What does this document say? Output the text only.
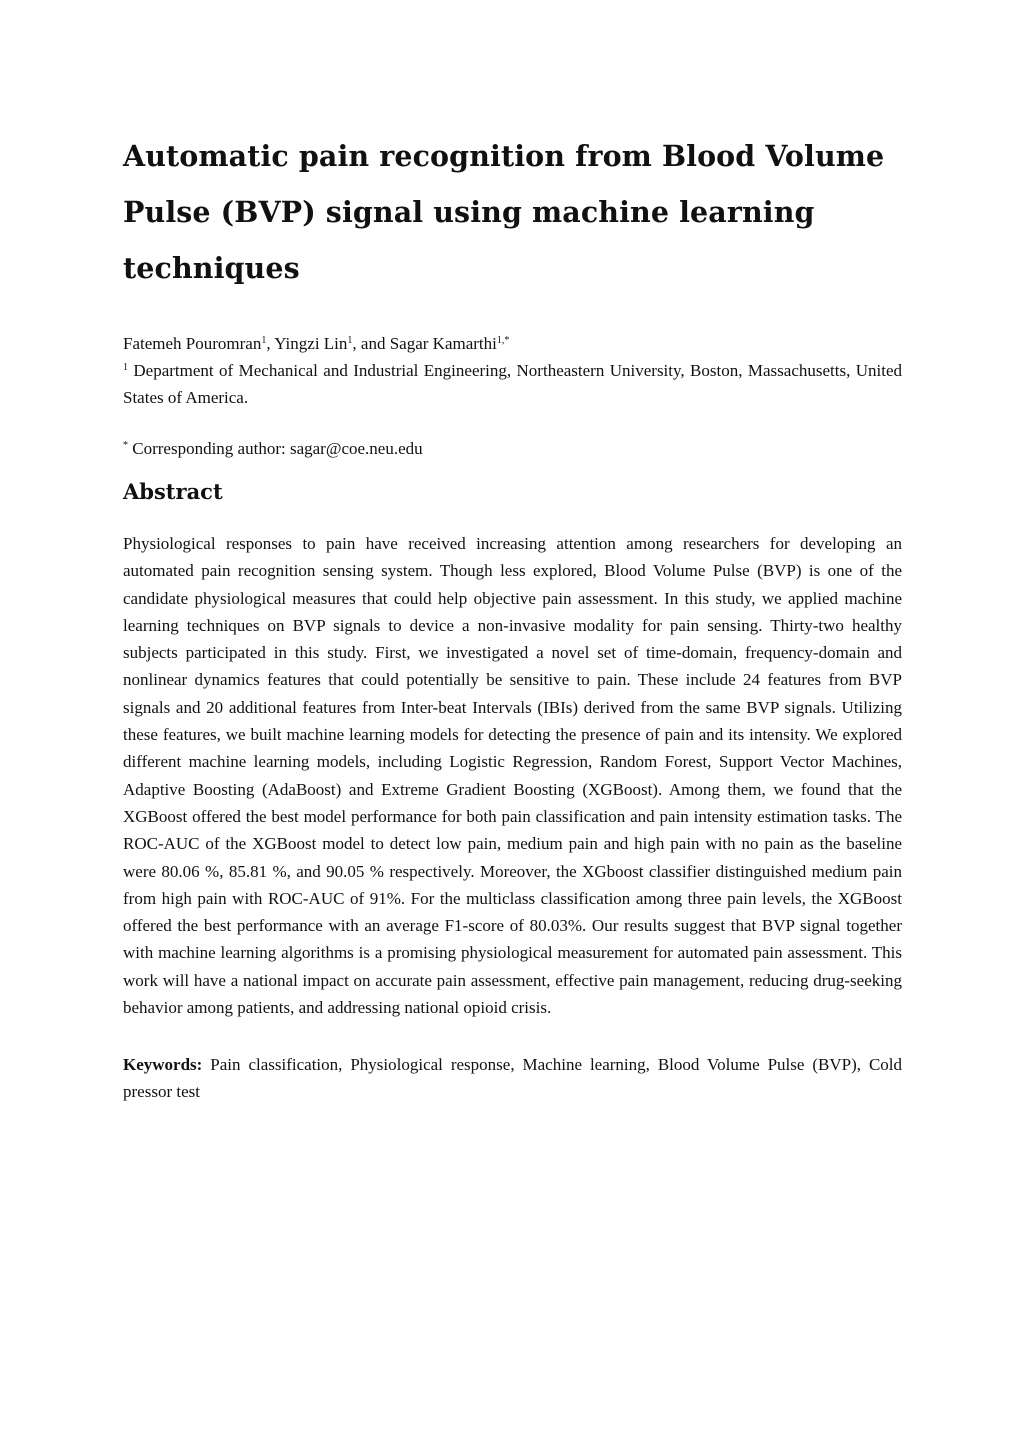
Automatic pain recognition from Blood Volume Pulse (BVP) signal using machine learning techniques
Fatemeh Pouromran$^1$, Yingzi Lin$^1$, and Sagar Kamarthi$^{1,*}$
$^1$ Department of Mechanical and Industrial Engineering, Northeastern University, Boston, Massachusetts, United States of America.
* Corresponding author: sagar@coe.neu.edu
Abstract

Physiological responses to pain have received increasing attention among researchers for developing an automated pain recognition sensing system. Though less explored, Blood Volume Pulse (BVP) is one of the candidate physiological measures that could help objective pain assessment. In this study, we applied machine learning techniques on BVP signals to device a non-invasive modality for pain sensing. Thirty-two healthy subjects participated in this study. First, we investigated a novel set of time-domain, frequency-domain and nonlinear dynamics features that could potentially be sensitive to pain. These include 24 features from BVP signals and 20 additional features from Inter-beat Intervals (IBIs) derived from the same BVP signals. Utilizing these features, we built machine learning models for detecting the presence of pain and its intensity. We explored different machine learning models, including Logistic Regression, Random Forest, Support Vector Machines, Adaptive Boosting (AdaBoost) and Extreme Gradient Boosting (XGBoost). Among them, we found that the XGBoost offered the best model performance for both pain classification and pain intensity estimation tasks. The ROC-AUC of the XGBoost model to detect low pain, medium pain and high pain with no pain as the baseline were 80.06 %, 85.81 %, and 90.05 % respectively. Moreover, the XGboost classifier distinguished medium pain from high pain with ROC-AUC of 91%. For the multiclass classification among three pain levels, the XGBoost offered the best performance with an average F1-score of 80.03%. Our results suggest that BVP signal together with machine learning algorithms is a promising physiological measurement for automated pain assessment. This work will have a national impact on accurate pain assessment, effective pain management, reducing drug-seeking behavior among patients, and addressing national opioid crisis.

Keywords: Pain classification, Physiological response, Machine learning, Blood Volume Pulse (BVP), Cold pressor test
